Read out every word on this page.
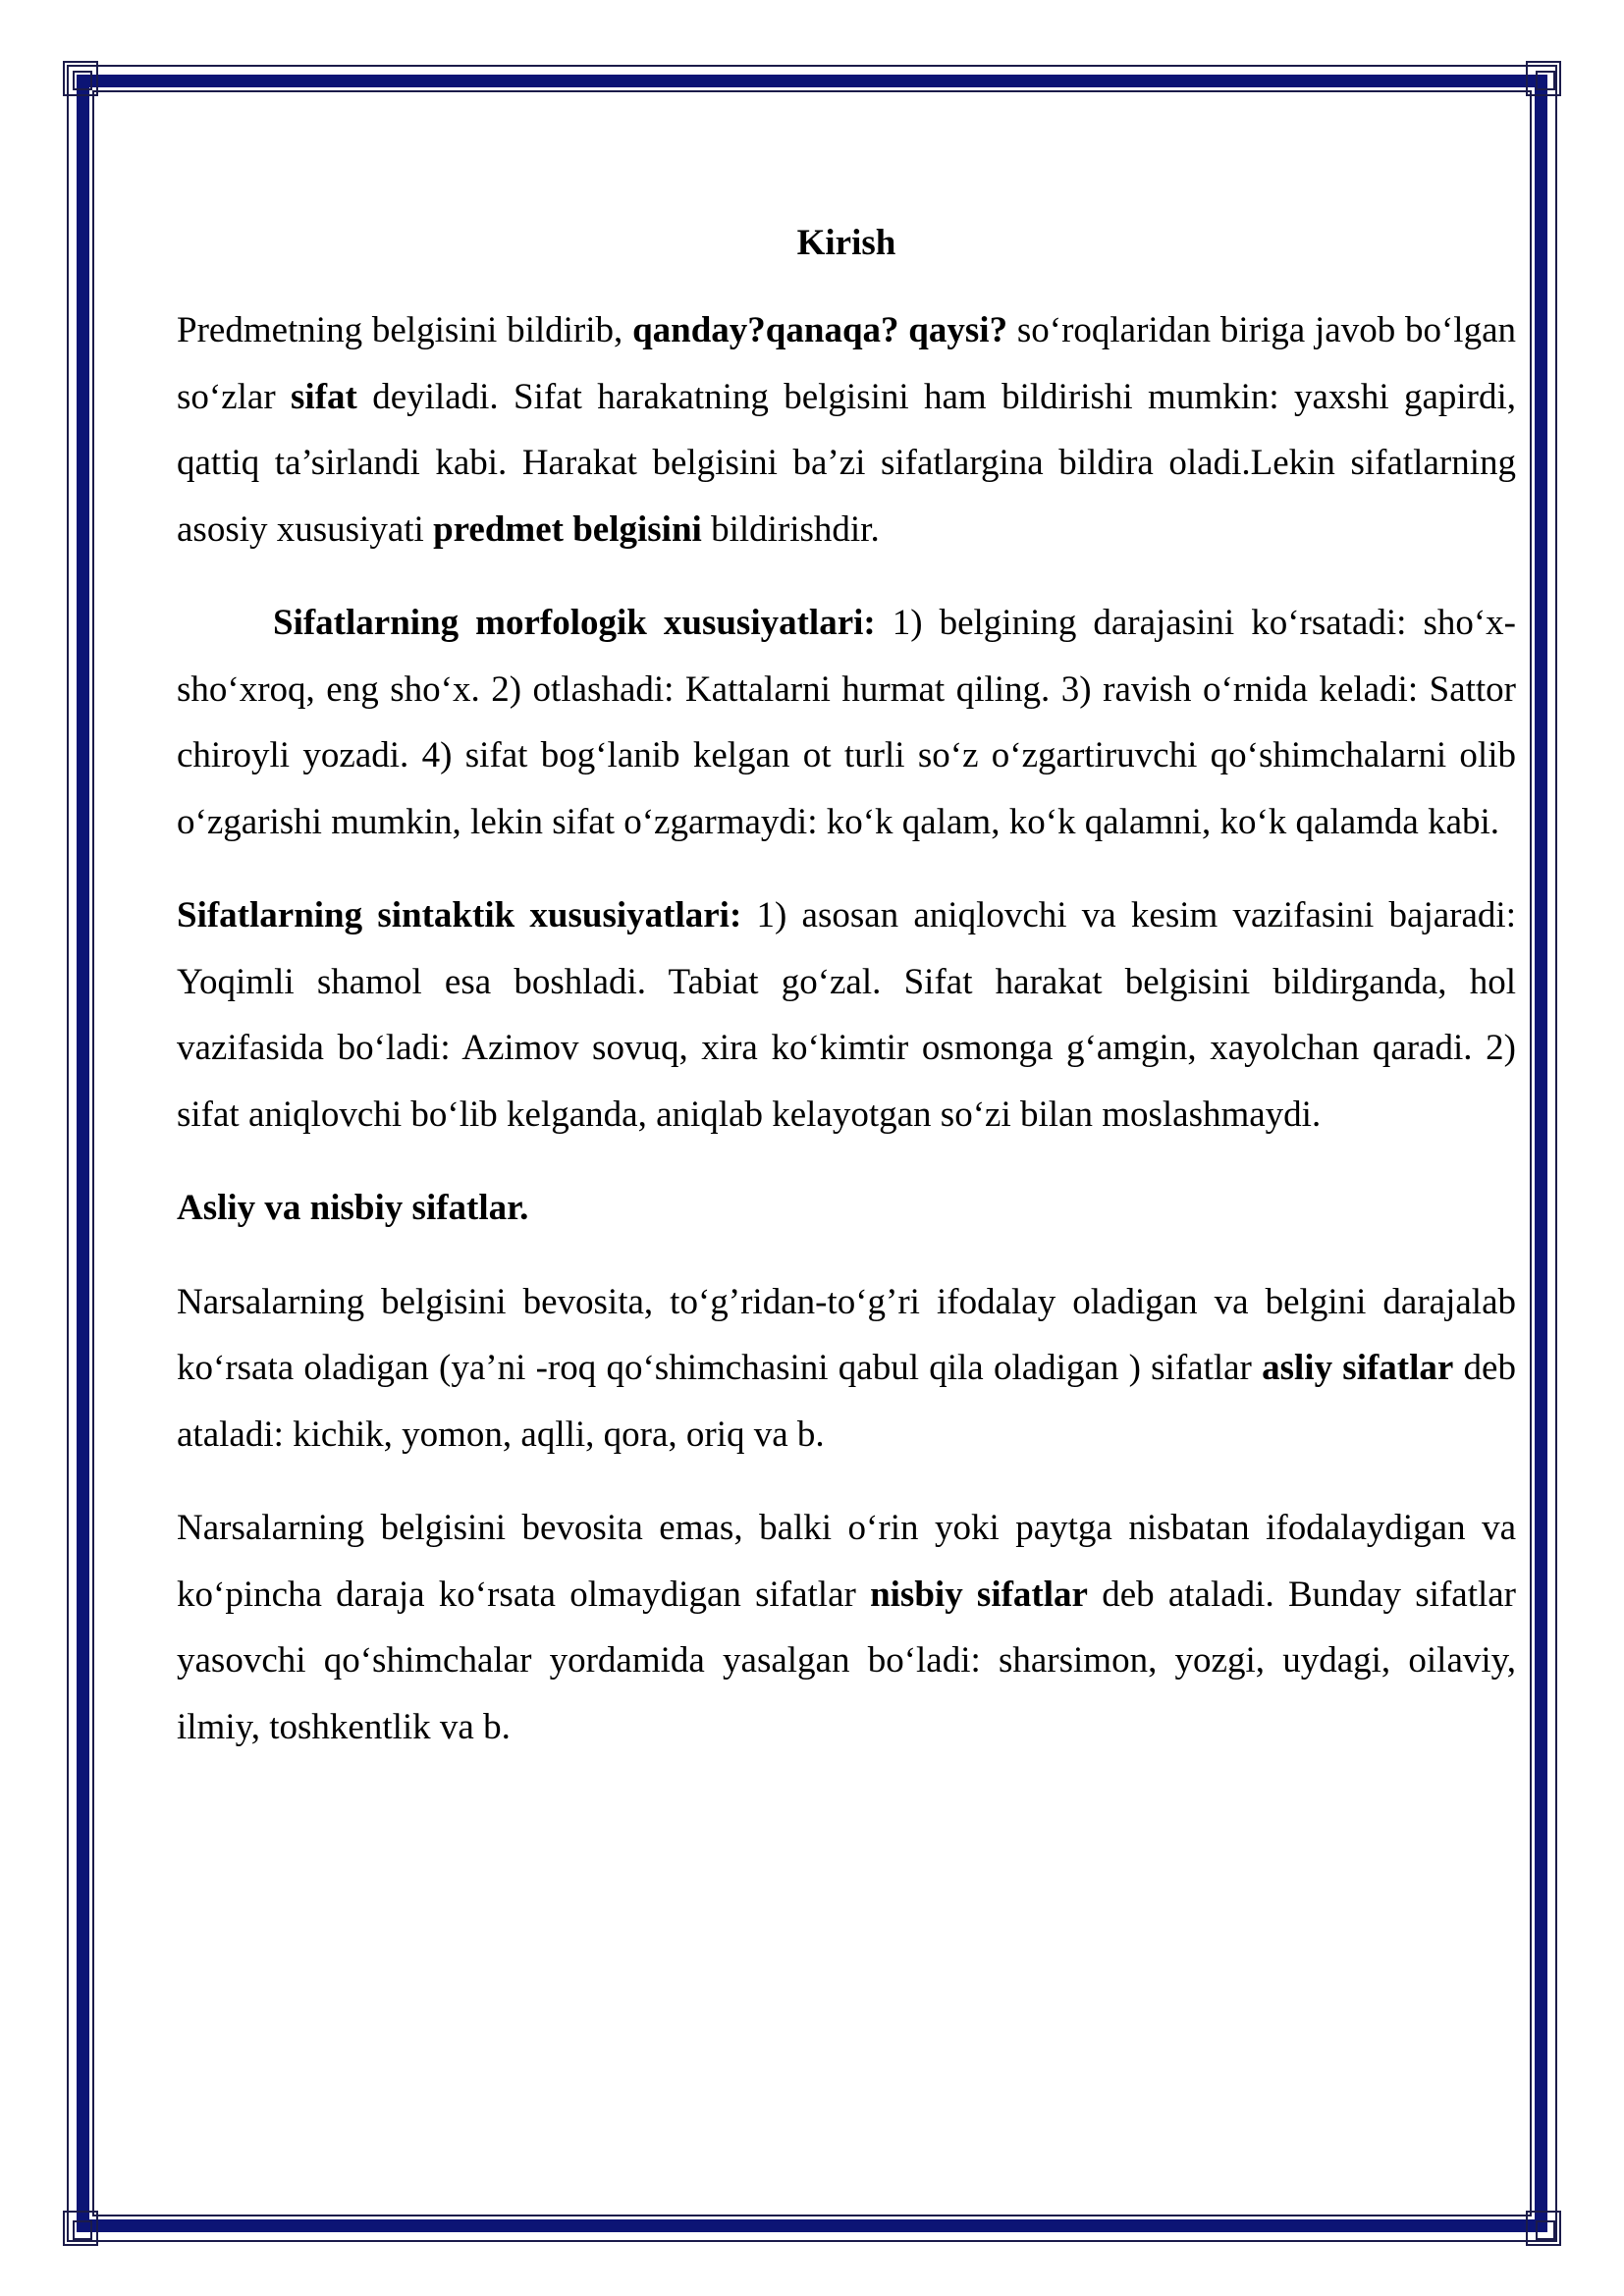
Kirish

Predmetning belgisini bildirib, qanday?qanaqa? qaysi? so‘roqlaridan biriga javob bo‘lgan so‘zlar sifat deyiladi. Sifat harakatning belgisini ham bildirishi mumkin: yaxshi gapirdi, qattiq ta’sirlandi kabi. Harakat belgisini ba’zi sifatlargina bildira oladi.Lekin sifatlarning asosiy xususiyati predmet belgisini bildirishdir.

Sifatlarning morfologik xususiyatlari: 1) belgining darajasini ko‘rsatadi: sho‘x-sho‘xroq, eng sho‘x. 2) otlashadi: Kattalarni hurmat qiling. 3) ravish o‘rnida keladi: Sattor chiroyli yozadi. 4) sifat bog‘lanib kelgan ot turli so‘z o‘zgartiruvchi qo‘shimchalarni olib o‘zgarishi mumkin, lekin sifat o‘zgarmaydi: ko‘k qalam, ko‘k qalamni, ko‘k qalamda kabi.

Sifatlarning sintaktik xususiyatlari: 1) asosan aniqlovchi va kesim vazifasini bajaradi: Yoqimli shamol esa boshladi. Tabiat go‘zal. Sifat harakat belgisini bildirganda, hol vazifasida bo‘ladi: Azimov sovuq, xira ko‘kimtir osmonga g‘amgin, xayolchan qaradi. 2) sifat aniqlovchi bo‘lib kelganda, aniqlab kelayotgan so‘zi bilan moslashmaydi.

Asliy va nisbiy sifatlar.

Narsalarning belgisini bevosita, to‘g’ridan-to‘g’ri ifodalay oladigan va belgini darajalab ko‘rsata oladigan (ya’ni -roq qo‘shimchasini qabul qila oladigan ) sifatlar asliy sifatlar deb ataladi: kichik, yomon, aqlli, qora, oriq va b.

Narsalarning belgisini bevosita emas, balki o‘rin yoki paytga nisbatan ifodalaydigan va ko‘pincha daraja ko‘rsata olmaydigan sifatlar nisbiy sifatlar deb ataladi. Bunday sifatlar yasovchi qo‘shimchalar yordamida yasalgan bo‘ladi: sharsimon, yozgi, uydagi, oilaviy, ilmiy, toshkentlik va b.
